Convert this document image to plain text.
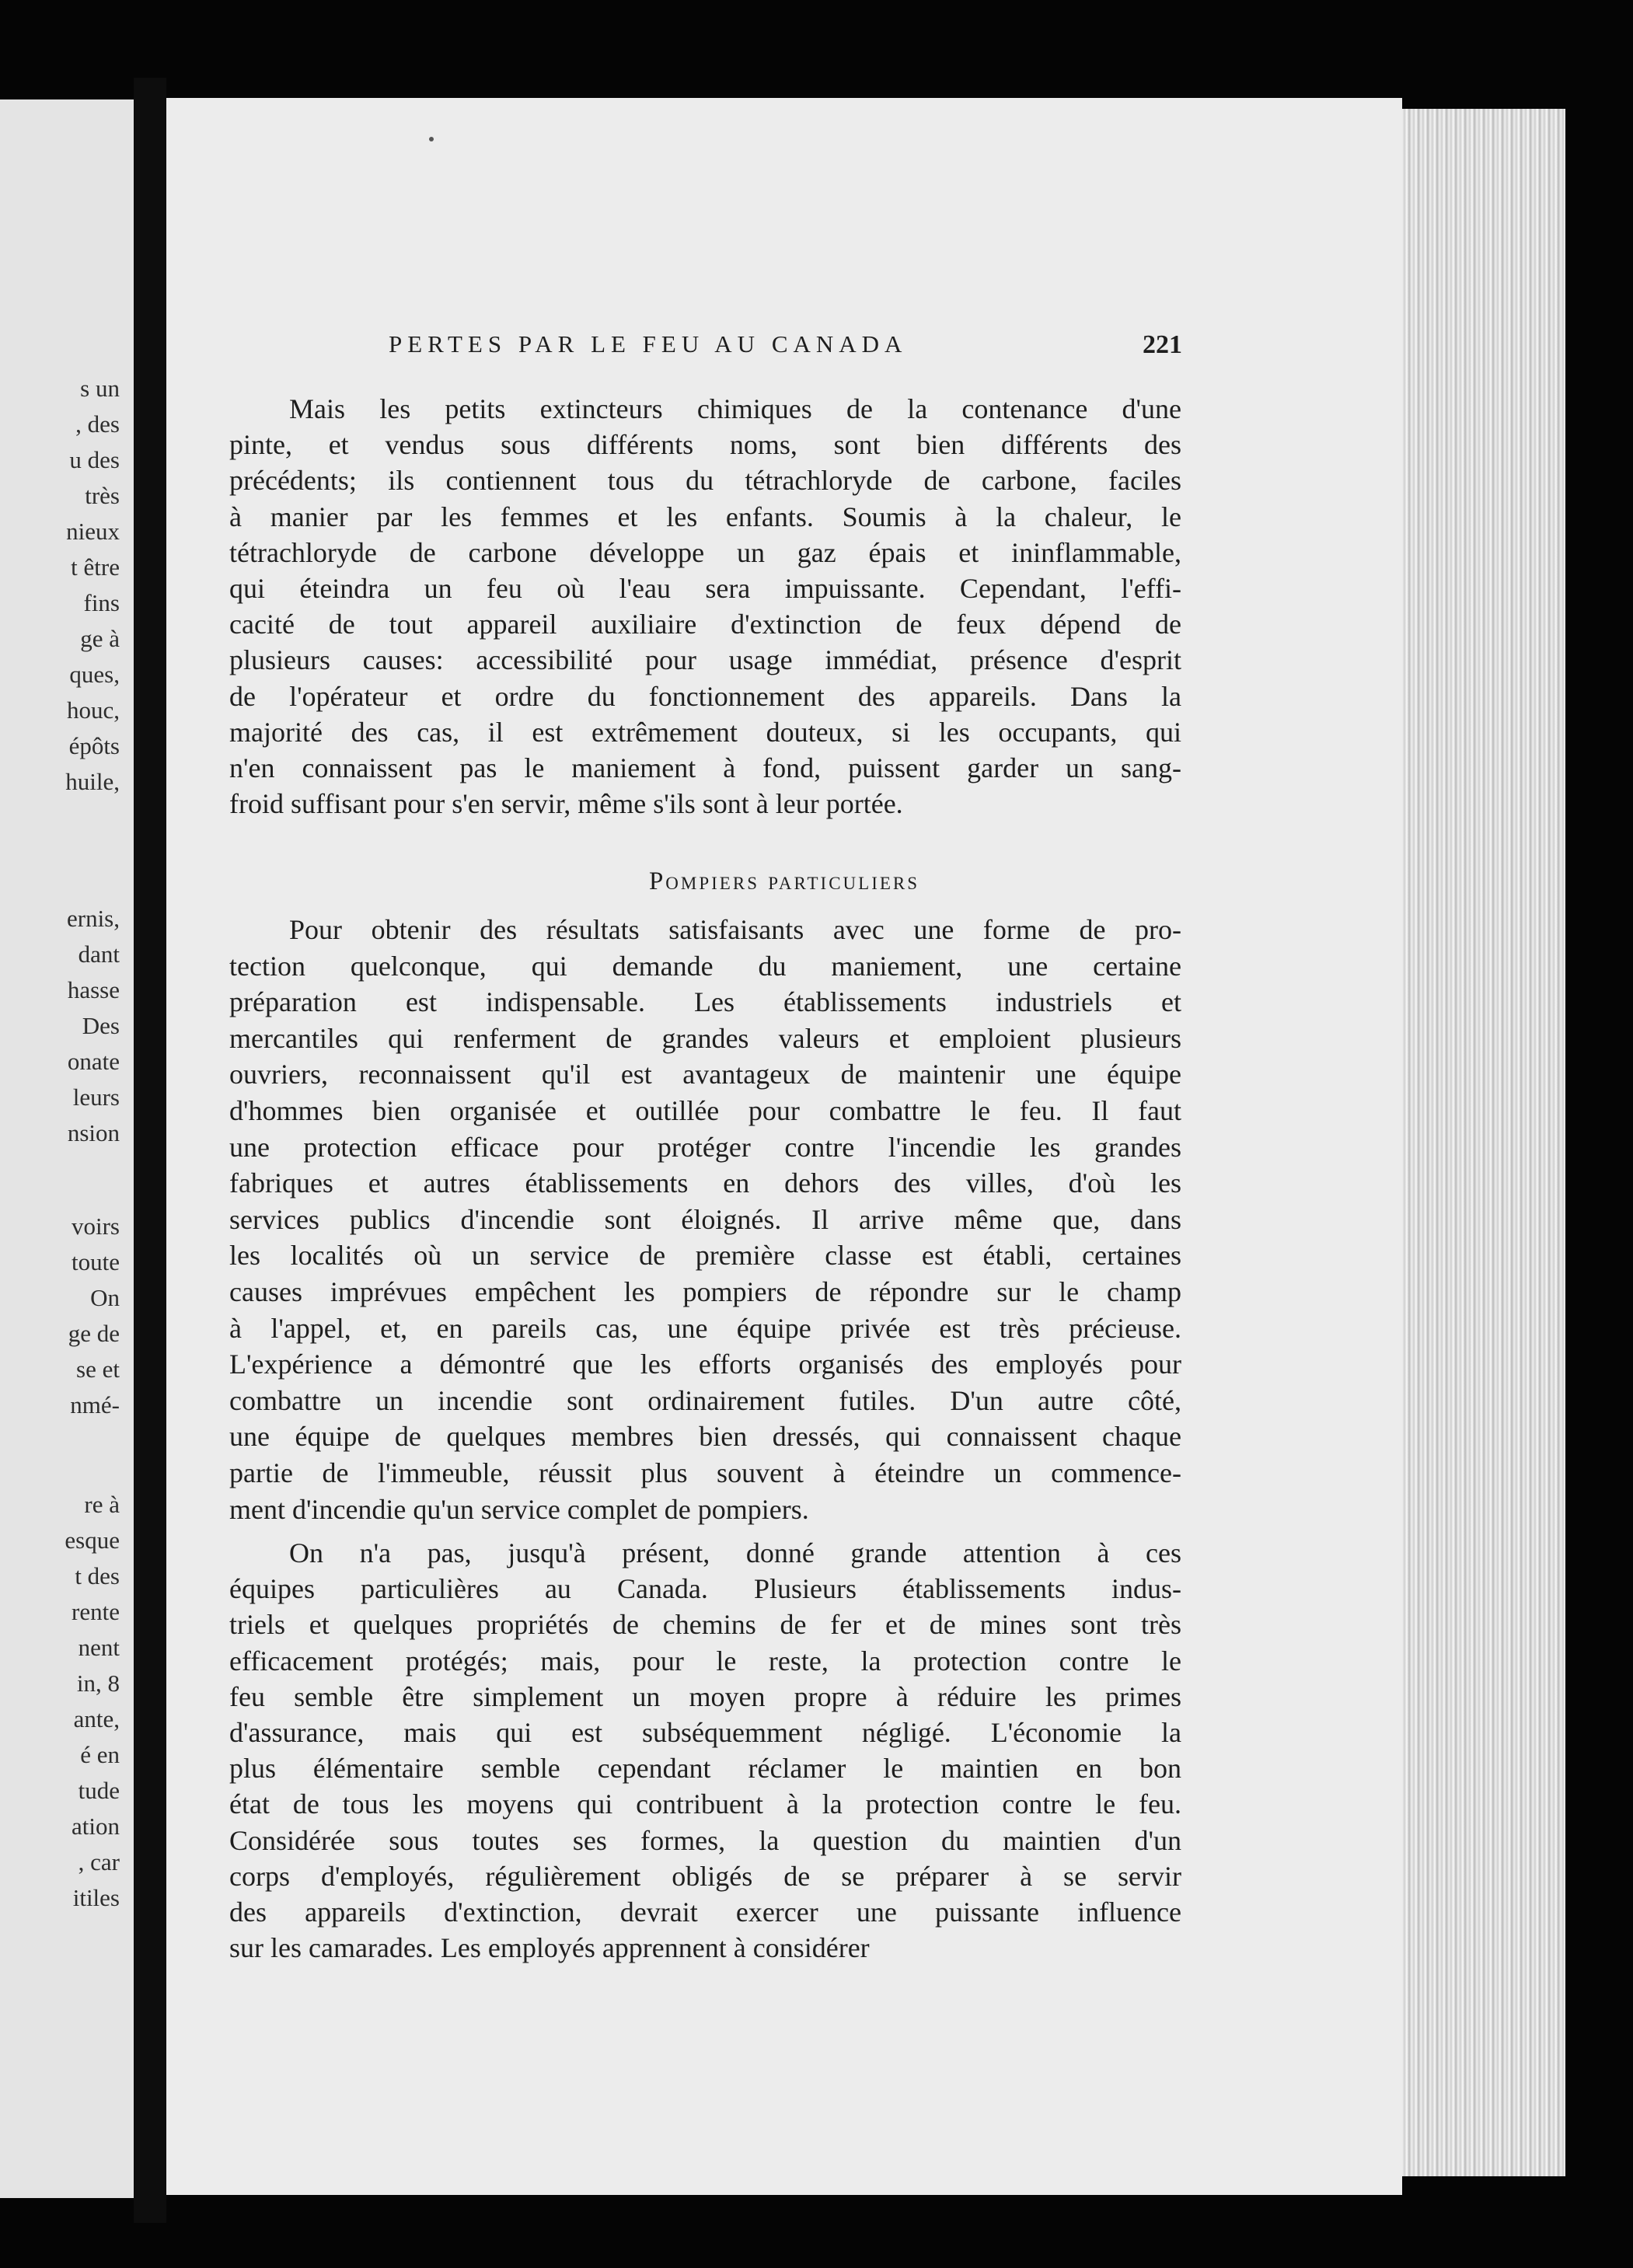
s un
, des
u des
très
nieux
t être
fins
ge à
ques,
houc,
épôts
huile,
ernis,
dant
hasse
Des
onate
leurs
nsion
voirs
toute
On
ge de
se et
nmé-
re à
esque
t des
rente
nent
in, 8
ante,
é en
tude
ation
, car
itiles
PERTES PAR LE FEU AU CANADA	221
Mais les petits extincteurs chimiques de la contenance d'une
pinte, et vendus sous différents noms, sont bien différents des
précédents; ils contiennent tous du tétrachloryde de carbone, faciles
à manier par les femmes et les enfants. Soumis à la chaleur, le
tétrachloryde de carbone développe un gaz épais et ininflammable,
qui éteindra un feu où l'eau sera impuissante. Cependant, l'effi-
cacité de tout appareil auxiliaire d'extinction de feux dépend de
plusieurs causes: accessibilité pour usage immédiat, présence d'esprit
de l'opérateur et ordre du fonctionnement des appareils. Dans la
majorité des cas, il est extrêmement douteux, si les occupants, qui
n'en connaissent pas le maniement à fond, puissent garder un sang-
froid suffisant pour s'en servir, même s'ils sont à leur portée.
Pour obtenir des résultats satisfaisants avec une forme de pro-
tection quelconque, qui demande du maniement, une certaine
préparation est indispensable. Les établissements industriels et
mercantiles qui renferment de grandes valeurs et emploient plusieurs
ouvriers, reconnaissent qu'il est avantageux de maintenir une équipe
d'hommes bien organisée et outillée pour combattre le feu. Il faut
une protection efficace pour protéger contre l'incendie les grandes
fabriques et autres établissements en dehors des villes, d'où les
services publics d'incendie sont éloignés. Il arrive même que, dans
les localités où un service de première classe est établi, certaines
causes imprévues empêchent les pompiers de répondre sur le champ
à l'appel, et, en pareils cas, une équipe privée est très précieuse.
L'expérience a démontré que les efforts organisés des employés pour
combattre un incendie sont ordinairement futiles. D'un autre côté,
une équipe de quelques membres bien dressés, qui connaissent chaque
partie de l'immeuble, réussit plus souvent à éteindre un commence-
ment d'incendie qu'un service complet de pompiers.
On n'a pas, jusqu'à présent, donné grande attention à ces
équipes particulières au Canada. Plusieurs établissements indus-
triels et quelques propriétés de chemins de fer et de mines sont très
efficacement protégés; mais, pour le reste, la protection contre le
feu semble être simplement un moyen propre à réduire les primes
d'assurance, mais qui est subséquemment négligé. L'économie la
plus élémentaire semble cependant réclamer le maintien en bon
état de tous les moyens qui contribuent à la protection contre le feu.
Considérée sous toutes ses formes, la question du maintien d'un
corps d'employés, régulièrement obligés de se préparer à se servir
des appareils d'extinction, devrait exercer une puissante influence
sur les camarades. Les employés apprennent à considérer
Pompiers particuliers
